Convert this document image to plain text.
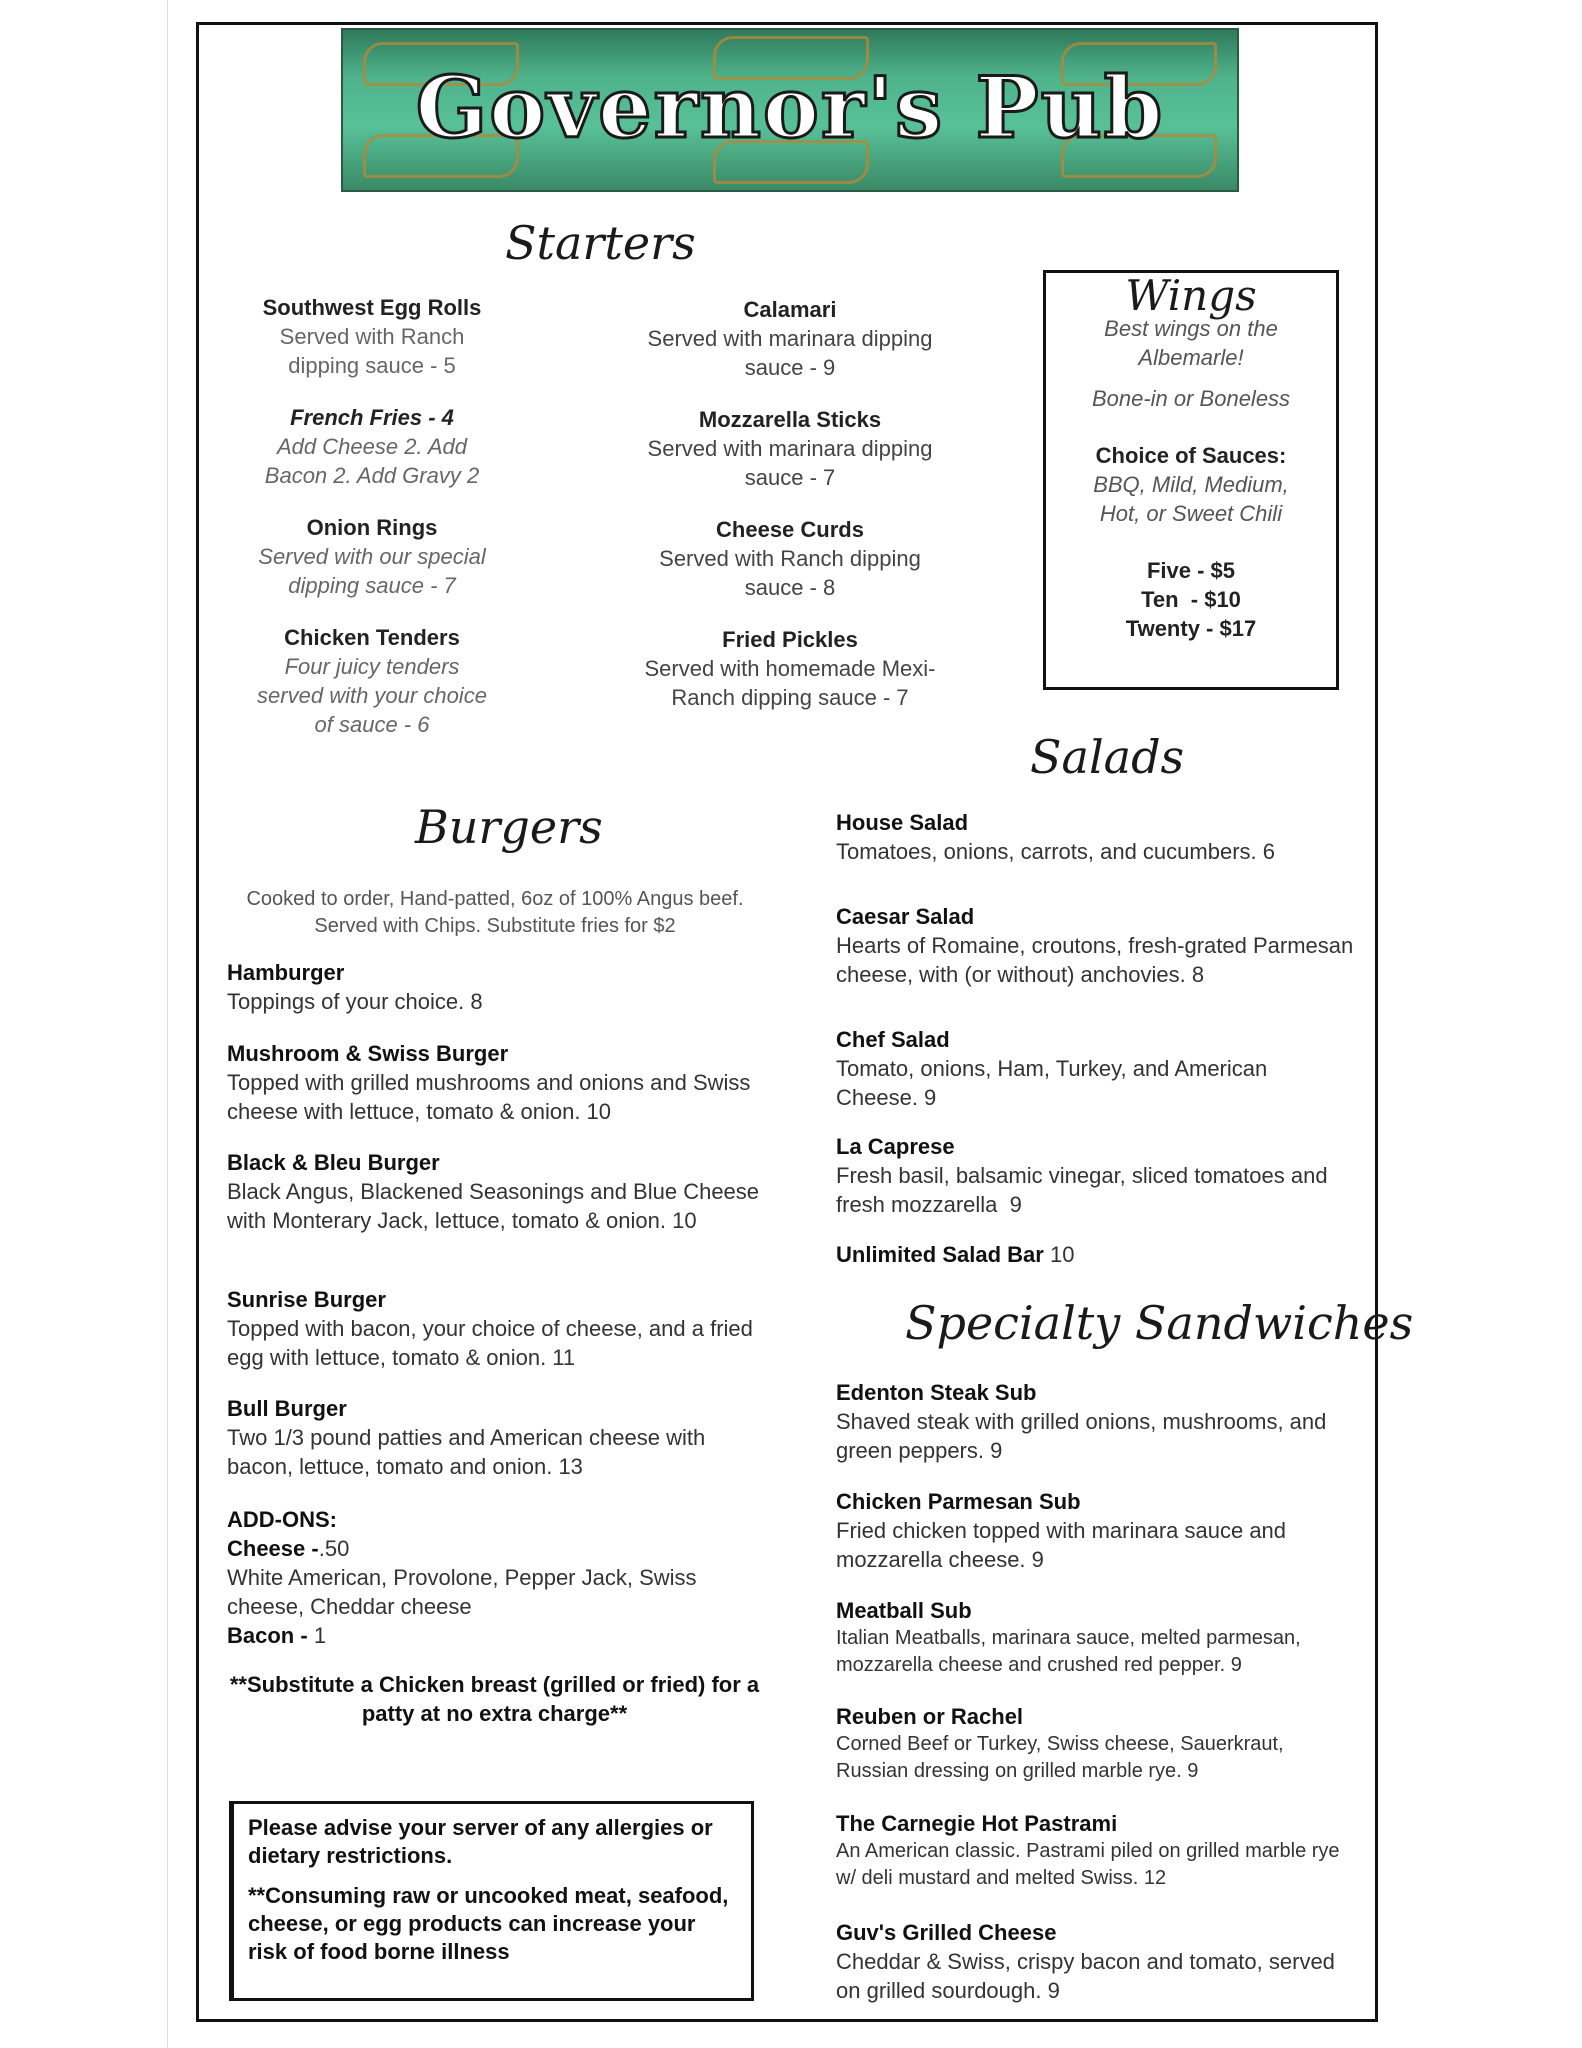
Governor's Pub
Starters
Southwest Egg Rolls
Served with Ranch dipping sauce - 5
French Fries - 4
Add Cheese 2. Add Bacon 2. Add Gravy 2
Onion Rings
Served with our special dipping sauce - 7
Chicken Tenders
Four juicy tenders served with your choice of sauce - 6
Calamari
Served with marinara dipping sauce - 9
Mozzarella Sticks
Served with marinara dipping sauce - 7
Cheese Curds
Served with Ranch dipping sauce - 8
Fried Pickles
Served with homemade Mexi-Ranch dipping sauce - 7
Wings
Best wings on the Albemarle!
Bone-in or Boneless
Choice of Sauces:
BBQ, Mild, Medium, Hot, or Sweet Chili
Five - $5
Ten  - $10
Twenty - $17
Salads
House Salad
Tomatoes, onions, carrots, and cucumbers. 6
Caesar Salad
Hearts of Romaine, croutons, fresh-grated Parmesan cheese, with (or without) anchovies. 8
Chef Salad
Tomato, onions, Ham, Turkey, and American Cheese. 9
La Caprese
Fresh basil, balsamic vinegar, sliced tomatoes and fresh mozzarella  9
Unlimited Salad Bar 10
Specialty Sandwiches
Edenton Steak Sub
Shaved steak with grilled onions, mushrooms, and green peppers. 9
Chicken Parmesan Sub
Fried chicken topped with marinara sauce and mozzarella cheese. 9
Meatball Sub
Italian Meatballs, marinara sauce, melted parmesan, mozzarella cheese and crushed red pepper. 9
Reuben or Rachel
Corned Beef or Turkey, Swiss cheese, Sauerkraut, Russian dressing on grilled marble rye. 9
The Carnegie Hot Pastrami
An American classic. Pastrami piled on grilled marble rye w/ deli mustard and melted Swiss. 12
Guv's Grilled Cheese
Cheddar & Swiss, crispy bacon and tomato, served on grilled sourdough. 9
Burgers
Cooked to order, Hand-patted, 6oz of 100% Angus beef. Served with Chips. Substitute fries for $2
Hamburger
Toppings of your choice. 8
Mushroom & Swiss Burger
Topped with grilled mushrooms and onions and Swiss cheese with lettuce, tomato & onion. 10
Black & Bleu Burger
Black Angus, Blackened Seasonings and Blue Cheese with Monterary Jack, lettuce, tomato & onion. 10
Sunrise Burger
Topped with bacon, your choice of cheese, and a fried egg with lettuce, tomato & onion. 11
Bull Burger
Two 1/3 pound patties and American cheese with bacon, lettuce, tomato and onion. 13
ADD-ONS:
Cheese -.50
White American, Provolone, Pepper Jack, Swiss cheese, Cheddar cheese
Bacon - 1
**Substitute a Chicken breast (grilled or fried) for a patty at no extra charge**

Please advise your server of any allergies or dietary restrictions.

**Consuming raw or uncooked meat, seafood, cheese, or egg products can increase your risk of food borne illness
